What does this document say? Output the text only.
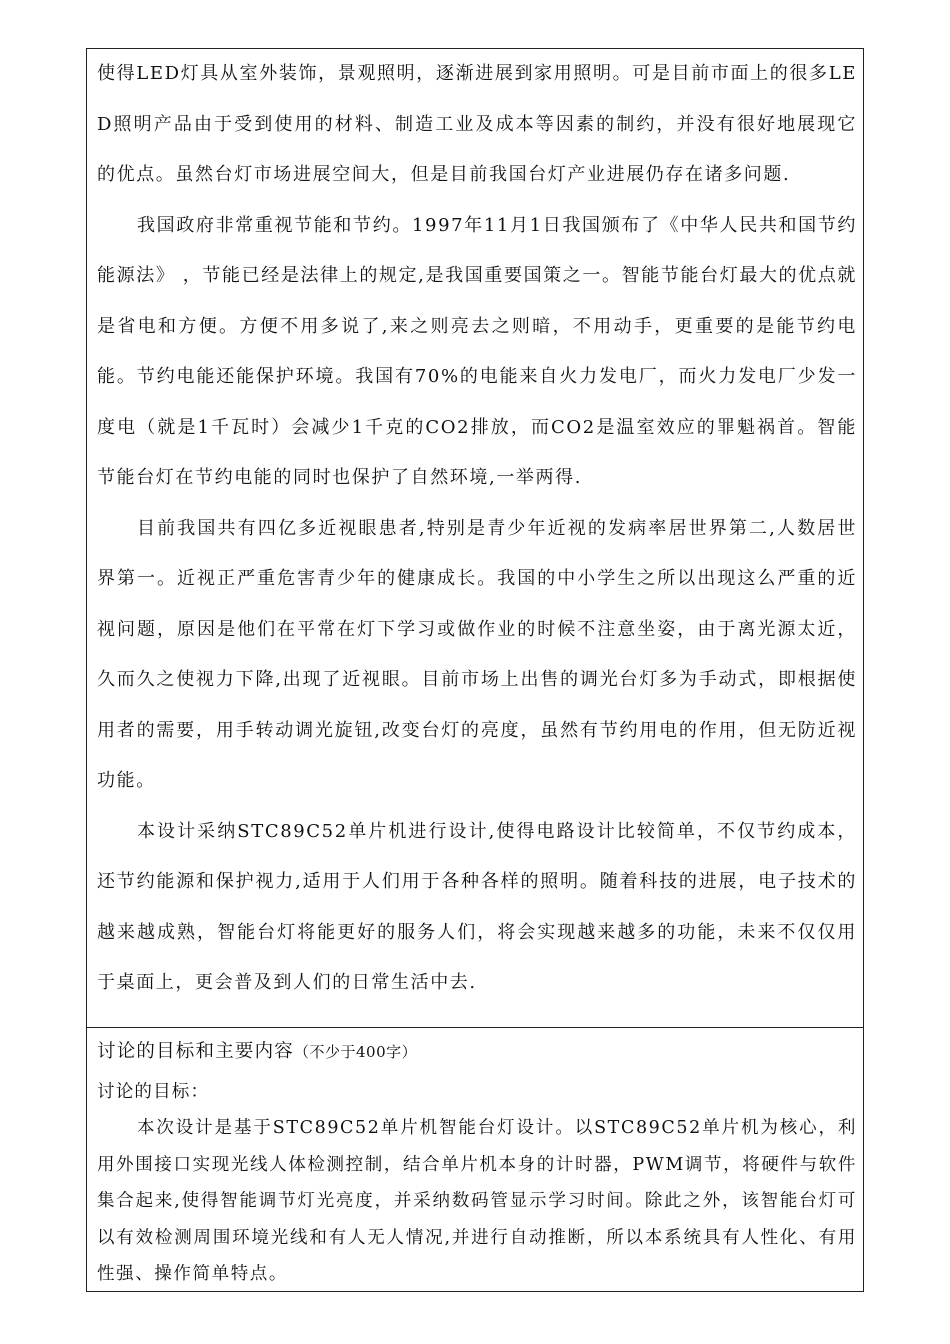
使得LED灯具从室外装饰，景观照明，逐渐进展到家用照明。可是目前市面上的很多LED照明产品由于受到使用的材料、制造工业及成本等因素的制约，并没有很好地展现它的优点。虽然台灯市场进展空间大，但是目前我国台灯产业进展仍存在诸多问题.

我国政府非常重视节能和节约。1997年11月1日我国颁布了《中华人民共和国节约能源法》 ，节能已经是法律上的规定,是我国重要国策之一。智能节能台灯最大的优点就是省电和方便。方便不用多说了,来之则亮去之则暗，不用动手，更重要的是能节约电能。节约电能还能保护环境。我国有70%的电能来自火力发电厂，而火力发电厂少发一度电（就是1千瓦时）会减少1千克的CO2排放，而CO2是温室效应的罪魁祸首。智能节能台灯在节约电能的同时也保护了自然环境,一举两得.

目前我国共有四亿多近视眼患者,特别是青少年近视的发病率居世界第二,人数居世界第一。近视正严重危害青少年的健康成长。我国的中小学生之所以出现这么严重的近视问题，原因是他们在平常在灯下学习或做作业的时候不注意坐姿，由于离光源太近，久而久之使视力下降,出现了近视眼。目前市场上出售的调光台灯多为手动式，即根据使用者的需要，用手转动调光旋钮,改变台灯的亮度，虽然有节约用电的作用，但无防近视功能。

本设计采纳STC89C52单片机进行设计,使得电路设计比较简单，不仅节约成本，还节约能源和保护视力,适用于人们用于各种各样的照明。随着科技的进展，电子技术的越来越成熟，智能台灯将能更好的服务人们，将会实现越来越多的功能，未来不仅仅用于桌面上，更会普及到人们的日常生活中去.

讨论的目标和主要内容（不少于400字）

讨论的目标：

本次设计是基于STC89C52单片机智能台灯设计。以STC89C52单片机为核心，利用外围接口实现光线人体检测控制，结合单片机本身的计时器，PWM调节，将硬件与软件集合起来,使得智能调节灯光亮度，并采纳数码管显示学习时间。除此之外，该智能台灯可以有效检测周围环境光线和有人无人情况,并进行自动推断，所以本系统具有人性化、有用性强、操作简单特点。
